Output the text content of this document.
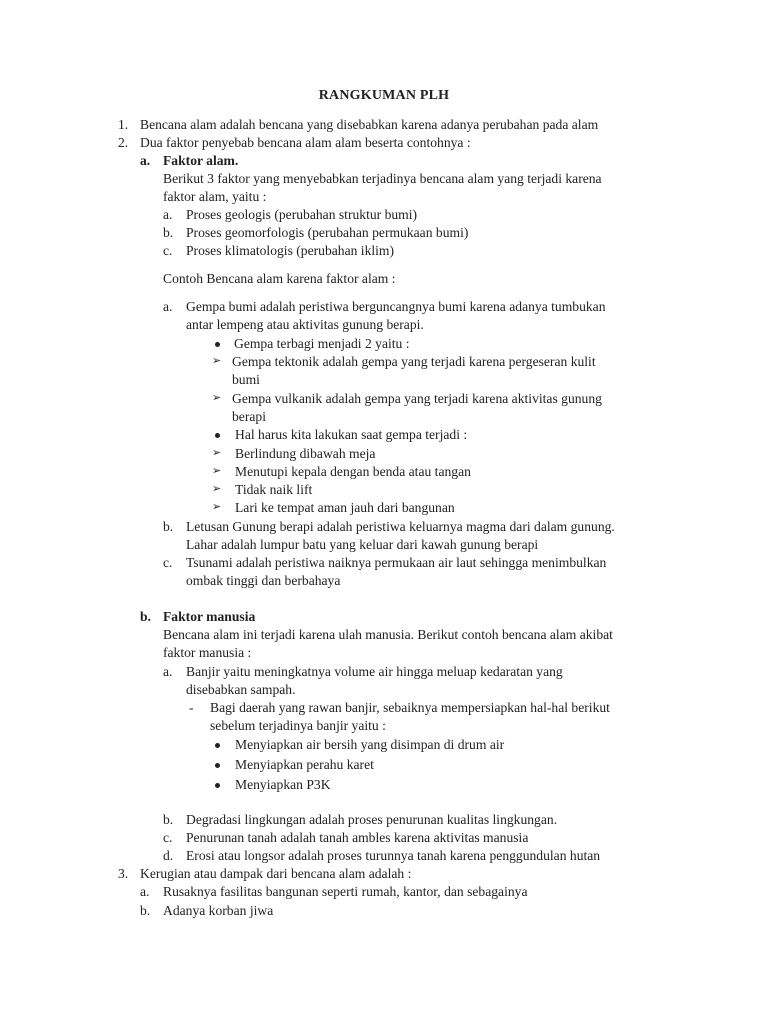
RANGKUMAN PLH
1. Bencana alam adalah bencana yang disebabkan karena adanya perubahan pada alam
2. Dua faktor penyebab bencana alam alam beserta contohnya :
a. Faktor alam.
Berikut 3 faktor yang menyebabkan terjadinya bencana alam yang terjadi karena
faktor alam, yaitu :
a. Proses geologis (perubahan struktur bumi)
b. Proses geomorfologis (perubahan permukaan bumi)
c. Proses klimatologis (perubahan iklim)
Contoh Bencana alam karena faktor alam :
a. Gempa bumi adalah peristiwa berguncangnya bumi karena adanya tumbukan
antar lempeng atau aktivitas gunung berapi.
Gempa terbagi menjadi 2 yaitu :
➢ Gempa tektonik adalah gempa yang terjadi karena pergeseran kulit
bumi
➢ Gempa vulkanik adalah gempa yang terjadi karena aktivitas gunung
berapi
Hal harus kita lakukan saat gempa terjadi :
➢ Berlindung dibawah meja
➢ Menutupi kepala dengan benda atau tangan
➢ Tidak naik lift
➢ Lari ke tempat aman jauh dari bangunan
b. Letusan Gunung berapi adalah peristiwa keluarnya magma dari dalam gunung.
Lahar adalah lumpur batu yang keluar dari kawah gunung berapi
c. Tsunami adalah peristiwa naiknya permukaan air laut sehingga menimbulkan
ombak tinggi dan berbahaya
b. Faktor manusia
Bencana alam ini terjadi karena ulah manusia. Berikut contoh bencana alam akibat
faktor manusia :
a. Banjir yaitu meningkatnya volume air hingga meluap kedaratan yang
disebabkan sampah.
- Bagi daerah yang rawan banjir, sebaiknya mempersiapkan hal-hal berikut
sebelum terjadinya banjir yaitu :
Menyiapkan air bersih yang disimpan di drum air
Menyiapkan perahu karet
Menyiapkan P3K
b. Degradasi lingkungan adalah proses penurunan kualitas lingkungan.
c. Penurunan tanah adalah tanah ambles karena aktivitas manusia
d. Erosi atau longsor adalah proses turunnya tanah karena penggundulan hutan
3. Kerugian atau dampak dari bencana alam adalah :
a. Rusaknya fasilitas bangunan seperti rumah, kantor, dan sebagainya
b. Adanya korban jiwa
